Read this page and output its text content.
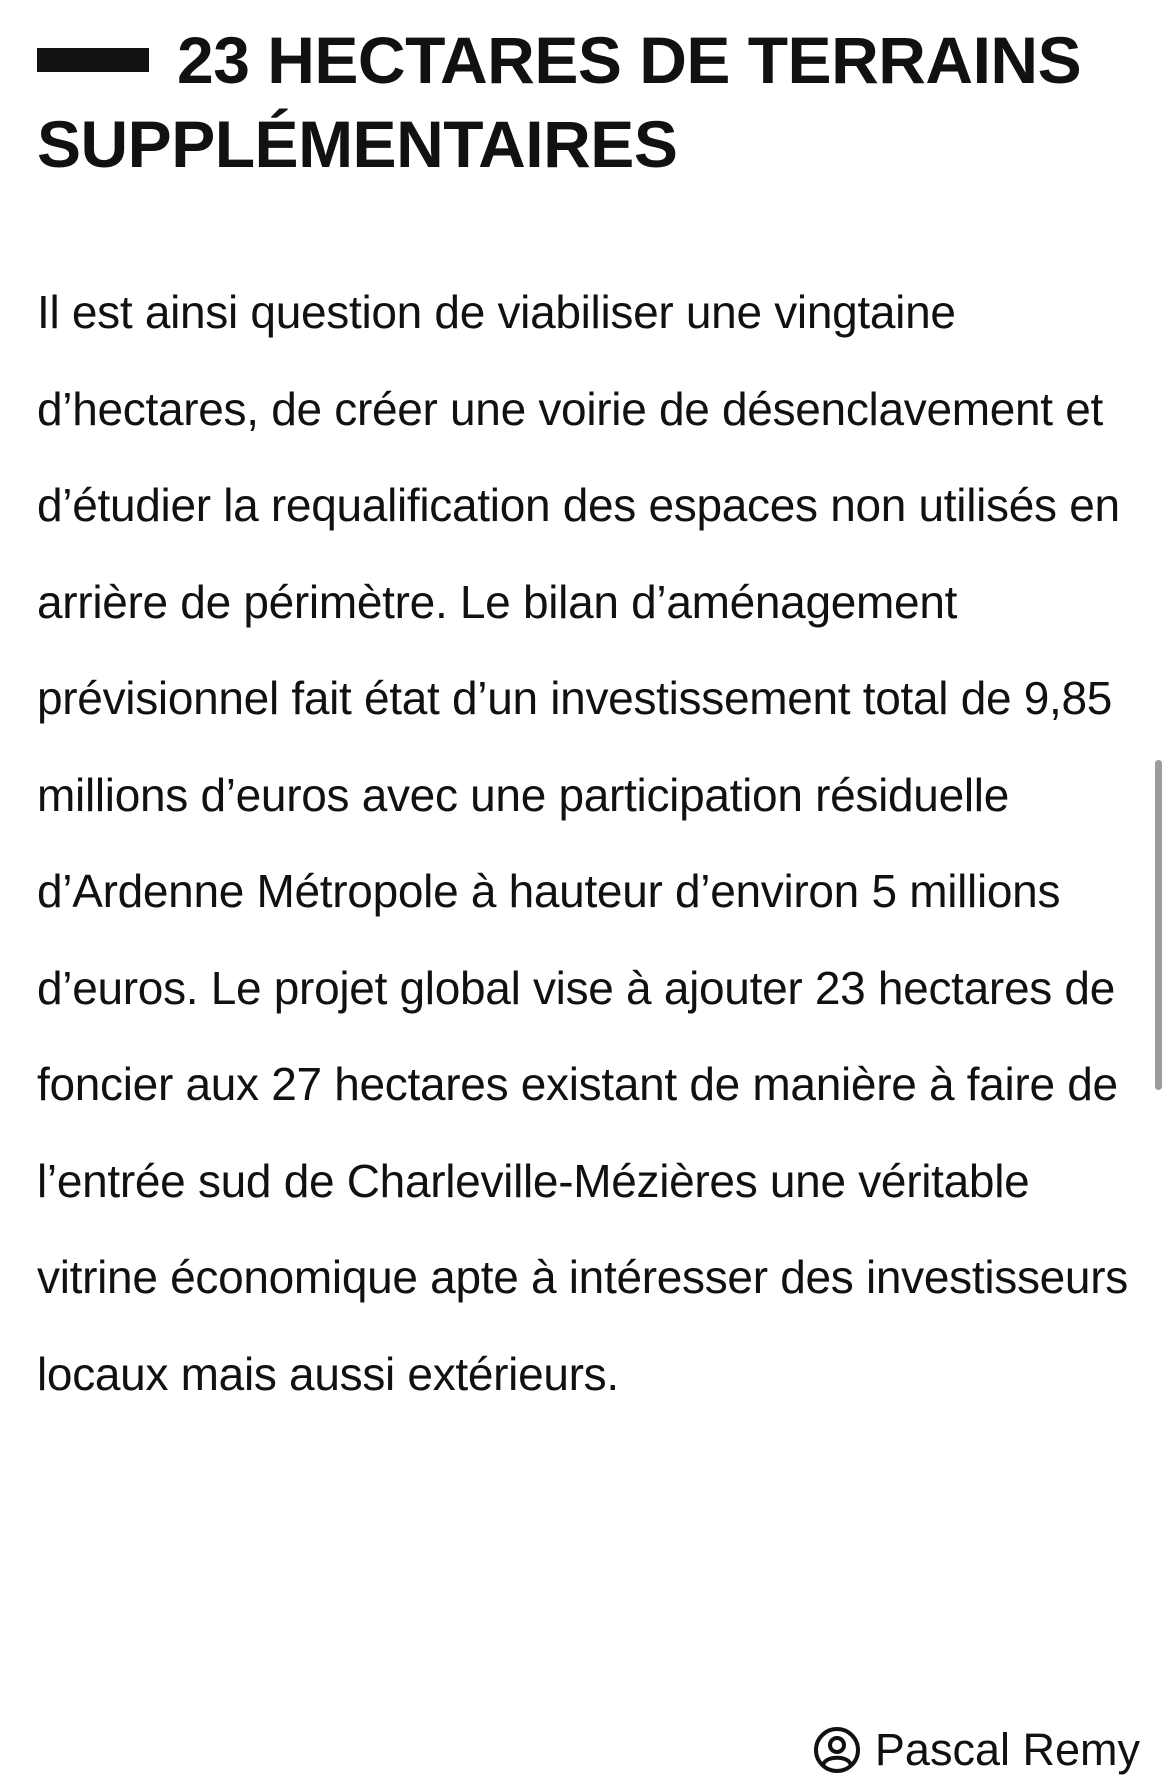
23 HECTARES DE TERRAINS SUPPLÉMENTAIRES

Il est ainsi question de viabiliser une vingtaine d’hectares, de créer une voirie de désenclavement et d’étudier la requalification des espaces non utilisés en arrière de périmètre. Le bilan d’aménagement prévisionnel fait état d’un investissement total de 9,85 millions d’euros avec une participation résiduelle d’Ardenne Métropole à hauteur d’environ 5 millions d’euros. Le projet global vise à ajouter 23 hectares de foncier aux 27 hectares existant de manière à faire de l’entrée sud de Charleville-Mézières une véritable vitrine économique apte à intéresser des investisseurs locaux mais aussi extérieurs.

Pascal Remy
